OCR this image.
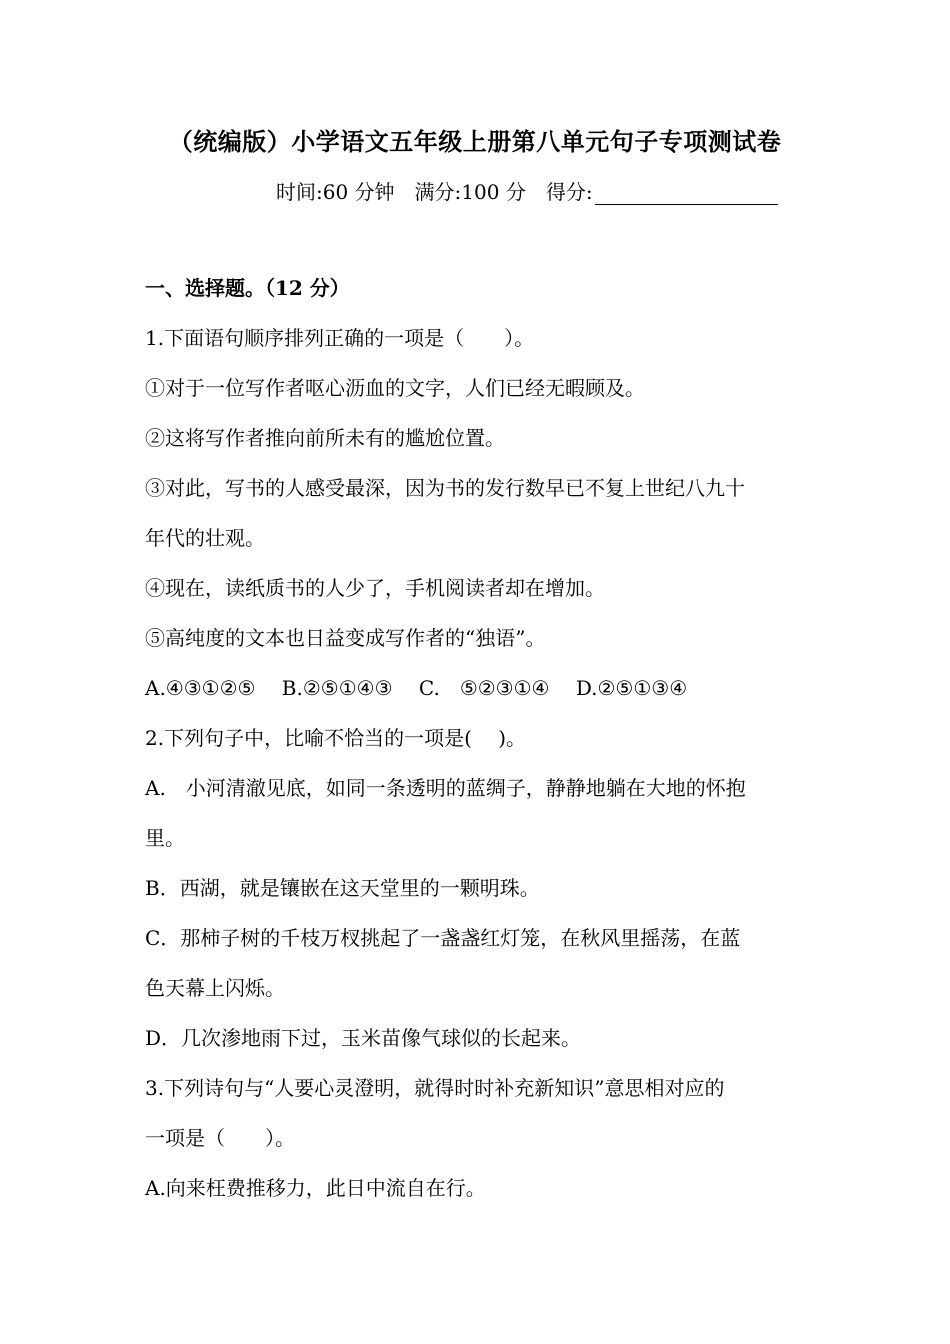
（统编版）小学语文五年级上册第八单元句子专项测试卷
时间:60 分钟 满分:100 分 得分:
一、选择题。（12 分）
1.下面语句顺序排列正确的一项是（　　）。
①对于一位写作者呕心沥血的文字，人们已经无暇顾及。
②这将写作者推向前所未有的尴尬位置。
③对此，写书的人感受最深，因为书的发行数早已不复上世纪八九十
年代的壮观。
④现在，读纸质书的人少了，手机阅读者却在增加。
⑤高纯度的文本也日益变成写作者的“独语”。
A.④③①②⑤　 B.②⑤①④③　 C.　⑤②③①④　 D.②⑤①③④
2.下列句子中，比喻不恰当的一项是(　 )。
A.　小河清澈见底，如同一条透明的蓝绸子，静静地躺在大地的怀抱
里。
B．西湖，就是镶嵌在这天堂里的一颗明珠。
C．那柿子树的千枝万杈挑起了一盏盏红灯笼，在秋风里摇荡，在蓝
色天幕上闪烁。
D．几次渗地雨下过，玉米苗像气球似的长起来。
3.下列诗句与“人要心灵澄明，就得时时补充新知识”意思相对应的
一项是（　　）。
A.向来枉费推移力，此日中流自在行。
